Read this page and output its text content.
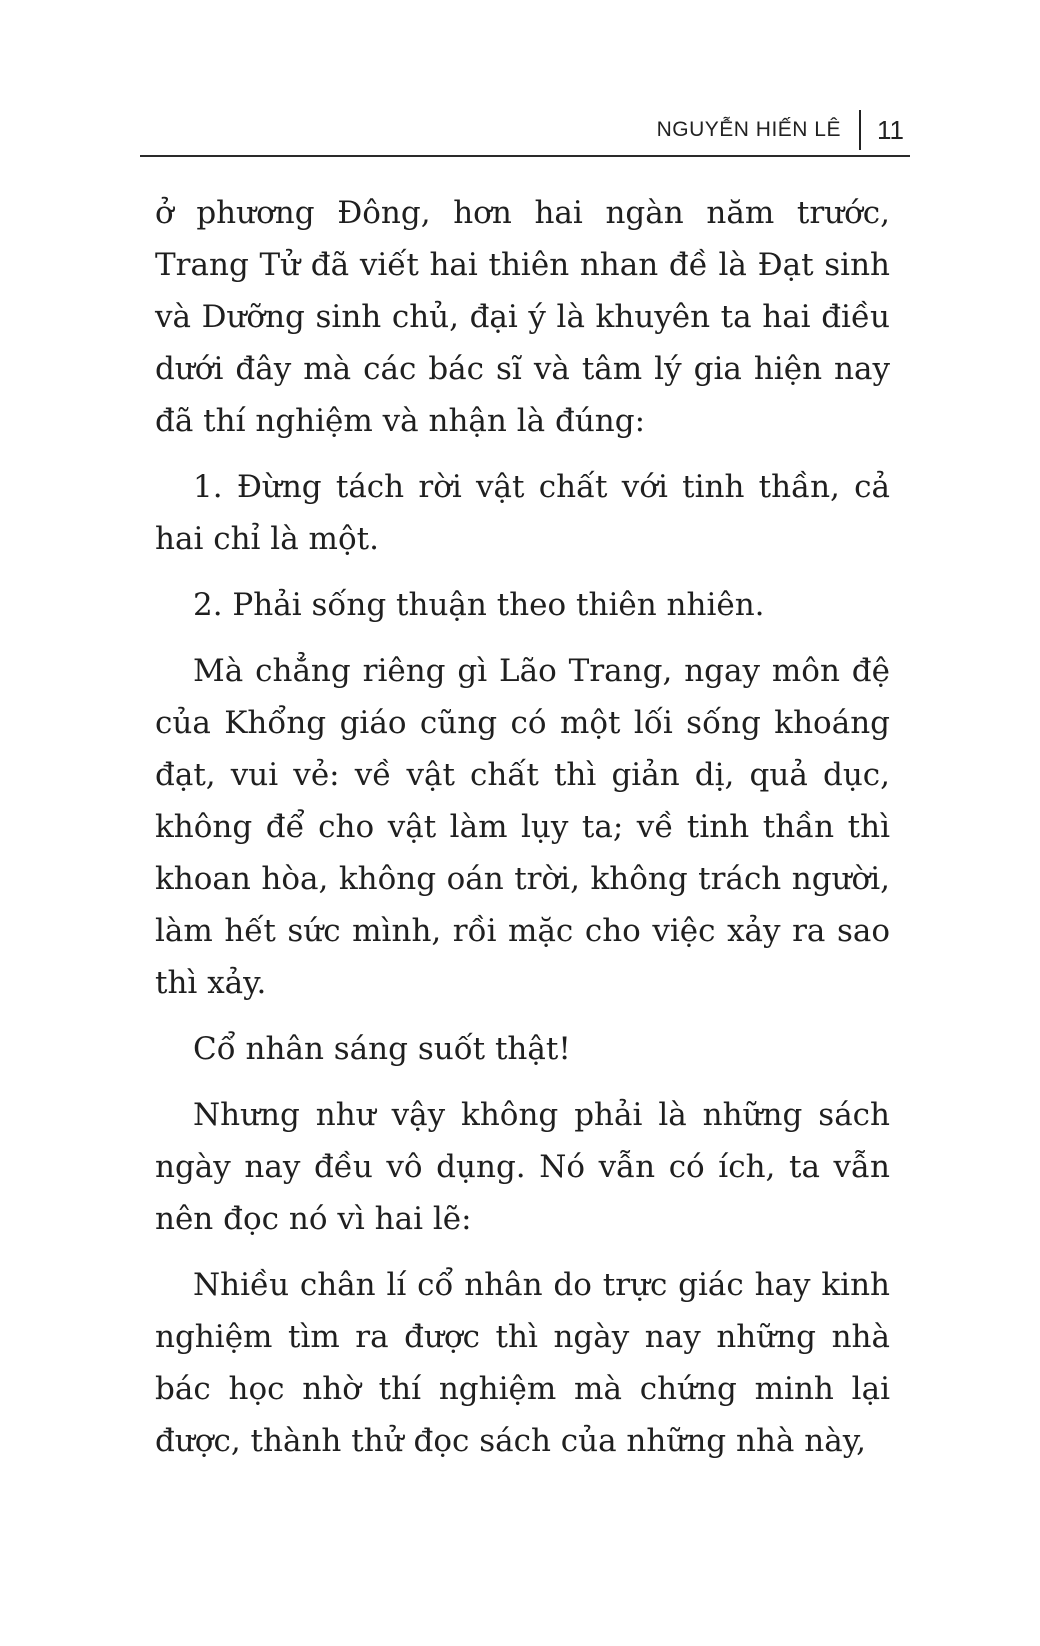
NGUYỄN HIẾN LÊ	11

ở phương Đông, hơn hai ngàn năm trước, Trang Tử đã viết hai thiên nhan đề là Đạt sinh và Dưỡng sinh chủ, đại ý là khuyên ta hai điều dưới đây mà các bác sĩ và tâm lý gia hiện nay đã thí nghiệm và nhận là đúng:

1. Đừng tách rời vật chất với tinh thần, cả hai chỉ là một.

2. Phải sống thuận theo thiên nhiên.

Mà chẳng riêng gì Lão Trang, ngay môn đệ của Khổng giáo cũng có một lối sống khoáng đạt, vui vẻ: về vật chất thì giản dị, quả dục, không để cho vật làm lụy ta; về tinh thần thì khoan hòa, không oán trời, không trách người, làm hết sức mình, rồi mặc cho việc xảy ra sao thì xảy.

Cổ nhân sáng suốt thật!

Nhưng như vậy không phải là những sách ngày nay đều vô dụng. Nó vẫn có ích, ta vẫn nên đọc nó vì hai lẽ:

Nhiều chân lí cổ nhân do trực giác hay kinh nghiệm tìm ra được thì ngày nay những nhà bác học nhờ thí nghiệm mà chứng minh lại được, thành thử đọc sách của những nhà này,
